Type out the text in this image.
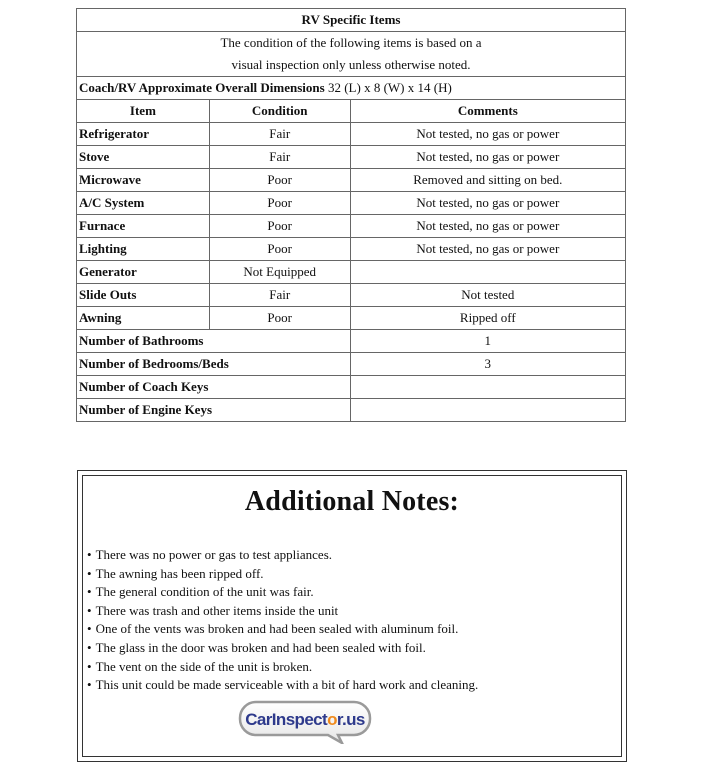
RV Specific Items		
The condition of the following items is based on a
visual inspection only unless otherwise noted.		
Coach/RV Approximate Overall Dimensions 32 (L) x 8 (W) x 14 (H)		
Item	Condition	Comments
Refrigerator	Fair	Not tested, no gas or power
Stove	Fair	Not tested, no gas or power
Microwave	Poor	Removed and sitting on bed.
A/C System	Poor	Not tested, no gas or power
Furnace	Poor	Not tested, no gas or power
Lighting	Poor	Not tested, no gas or power
Generator	Not Equipped	
Slide Outs	Fair	Not tested
Awning	Poor	Ripped off
Number of Bathrooms		1
Number of Bedrooms/Beds		3
Number of Coach Keys		
Number of Engine Keys		
Additional Notes:
• There was no power or gas to test appliances.
• The awning has been ripped off.
• The general condition of the unit was fair.
• There was trash and other items inside the unit
• One of the vents was broken and had been sealed with aluminum foil.
• The glass in the door was broken and had been sealed with foil.
• The vent on the side of the unit is broken.
• This unit could be made serviceable with a bit of hard work and cleaning.
CarInspector.us
